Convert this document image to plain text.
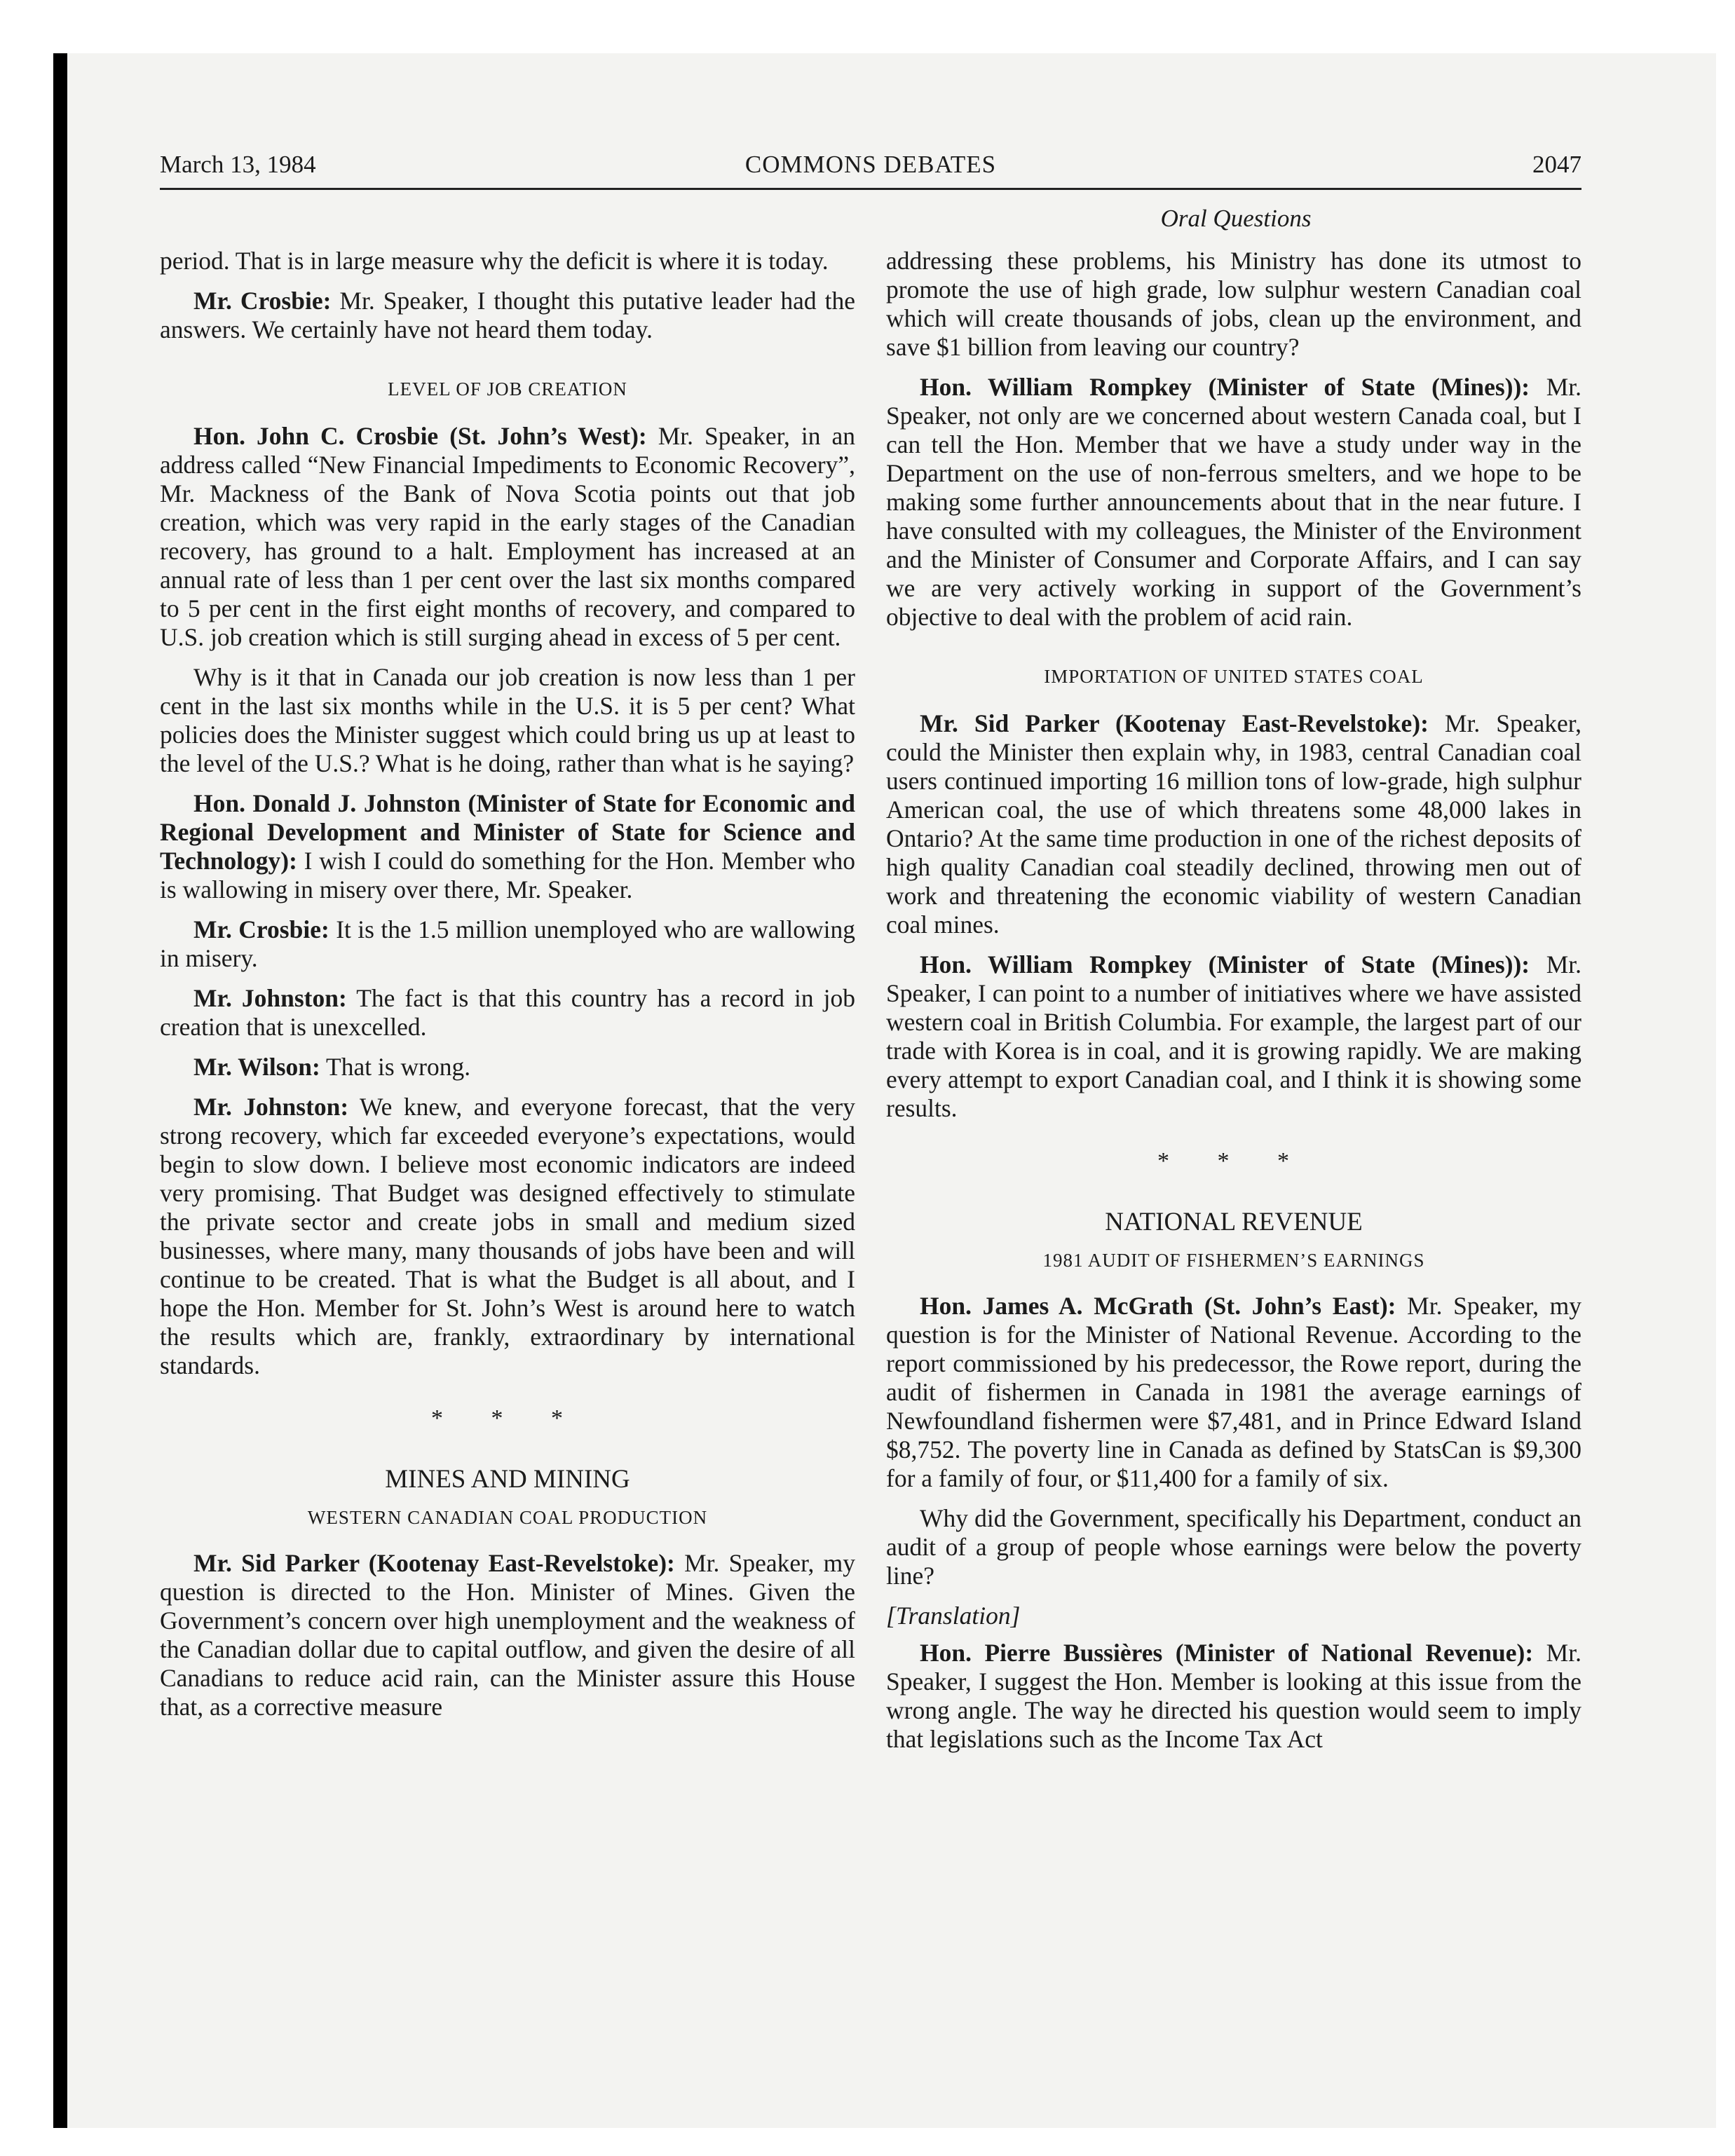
March 13, 1984	COMMONS DEBATES	2047
Oral Questions

period. That is in large measure why the deficit is where it is today.

Mr. Crosbie: Mr. Speaker, I thought this putative leader had the answers. We certainly have not heard them today.

LEVEL OF JOB CREATION

Hon. John C. Crosbie (St. John’s West): Mr. Speaker, in an address called “New Financial Impediments to Economic Recovery”, Mr. Mackness of the Bank of Nova Scotia points out that job creation, which was very rapid in the early stages of the Canadian recovery, has ground to a halt. Employment has increased at an annual rate of less than 1 per cent over the last six months compared to 5 per cent in the first eight months of recovery, and compared to U.S. job creation which is still surging ahead in excess of 5 per cent.

Why is it that in Canada our job creation is now less than 1 per cent in the last six months while in the U.S. it is 5 per cent? What policies does the Minister suggest which could bring us up at least to the level of the U.S.? What is he doing, rather than what is he saying?

Hon. Donald J. Johnston (Minister of State for Economic and Regional Development and Minister of State for Science and Technology): I wish I could do something for the Hon. Member who is wallowing in misery over there, Mr. Speaker.

Mr. Crosbie: It is the 1.5 million unemployed who are wallowing in misery.

Mr. Johnston: The fact is that this country has a record in job creation that is unexcelled.

Mr. Wilson: That is wrong.

Mr. Johnston: We knew, and everyone forecast, that the very strong recovery, which far exceeded everyone’s expectations, would begin to slow down. I believe most economic indicators are indeed very promising. That Budget was designed effectively to stimulate the private sector and create jobs in small and medium sized businesses, where many, many thousands of jobs have been and will continue to be created. That is what the Budget is all about, and I hope the Hon. Member for St. John’s West is around here to watch the results which are, frankly, extraordinary by international standards.

* * *
MINES AND MINING
WESTERN CANADIAN COAL PRODUCTION

Mr. Sid Parker (Kootenay East-Revelstoke): Mr. Speaker, my question is directed to the Hon. Minister of Mines. Given the Government’s concern over high unemployment and the weakness of the Canadian dollar due to capital outflow, and given the desire of all Canadians to reduce acid rain, can the Minister assure this House that, as a corrective measure

addressing these problems, his Ministry has done its utmost to promote the use of high grade, low sulphur western Canadian coal which will create thousands of jobs, clean up the environment, and save $1 billion from leaving our country?

Hon. William Rompkey (Minister of State (Mines)): Mr. Speaker, not only are we concerned about western Canada coal, but I can tell the Hon. Member that we have a study under way in the Department on the use of non-ferrous smelters, and we hope to be making some further announcements about that in the near future. I have consulted with my colleagues, the Minister of the Environment and the Minister of Consumer and Corporate Affairs, and I can say we are very actively working in support of the Government’s objective to deal with the problem of acid rain.

IMPORTATION OF UNITED STATES COAL

Mr. Sid Parker (Kootenay East-Revelstoke): Mr. Speaker, could the Minister then explain why, in 1983, central Canadian coal users continued importing 16 million tons of low-grade, high sulphur American coal, the use of which threatens some 48,000 lakes in Ontario? At the same time production in one of the richest deposits of high quality Canadian coal steadily declined, throwing men out of work and threatening the economic viability of western Canadian coal mines.

Hon. William Rompkey (Minister of State (Mines)): Mr. Speaker, I can point to a number of initiatives where we have assisted western coal in British Columbia. For example, the largest part of our trade with Korea is in coal, and it is growing rapidly. We are making every attempt to export Canadian coal, and I think it is showing some results.

* * *
NATIONAL REVENUE
1981 AUDIT OF FISHERMEN’S EARNINGS

Hon. James A. McGrath (St. John’s East): Mr. Speaker, my question is for the Minister of National Revenue. According to the report commissioned by his predecessor, the Rowe report, during the audit of fishermen in Canada in 1981 the average earnings of Newfoundland fishermen were $7,481, and in Prince Edward Island $8,752. The poverty line in Canada as defined by StatsCan is $9,300 for a family of four, or $11,400 for a family of six.

Why did the Government, specifically his Department, conduct an audit of a group of people whose earnings were below the poverty line?

[Translation]

Hon. Pierre Bussières (Minister of National Revenue): Mr. Speaker, I suggest the Hon. Member is looking at this issue from the wrong angle. The way he directed his question would seem to imply that legislations such as the Income Tax Act
